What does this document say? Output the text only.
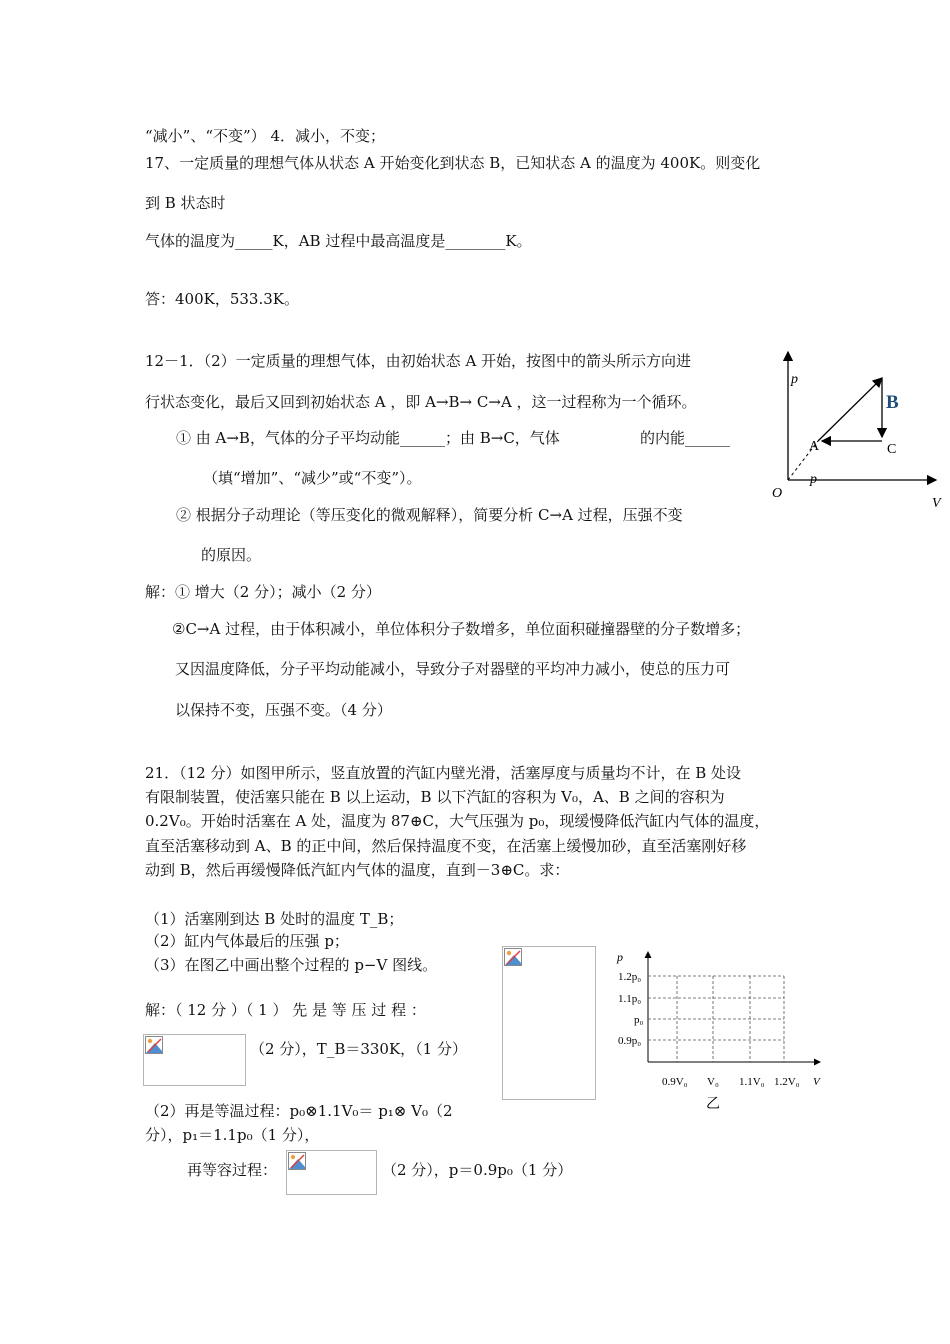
“减小”、“不变”） 4．减小，不变；
17、一定质量的理想气体从状态 A 开始变化到状态 B，已知状态 A 的温度为 400K。则变化
到 B 状态时
气体的温度为_____K，AB 过程中最高温度是________K。
答：400K，533.3K。
12－1．（2）一定质量的理想气体，由初始状态 A 开始，按图中的箭头所示方向进
行状态变化，最后又回到初始状态 A ，即 A→B→ C→A ，这一过程称为一个循环。
① 由 A→B，气体的分子平均动能______；由 B→C，气体	的内能______
（填“增加”、“减少”或“不变”）。
② 根据分子动理论（等压变化的微观解释），简要分析 C→A 过程，压强不变
的原因。
解：① 增大（2 分）；减小（2 分）
②C→A 过程，由于体积减小，单位体积分子数增多，单位面积碰撞器壁的分子数增多；
又因温度降低，分子平均动能减小，导致分子对器壁的平均冲力减小，使总的压力可
以保持不变，压强不变。（4 分）
21．（12 分）如图甲所示，竖直放置的汽缸内壁光滑，活塞厚度与质量均不计，在 B 处设
有限制装置，使活塞只能在 B 以上运动，B 以下汽缸的容积为 V₀，A、B 之间的容积为
0.2V₀。开始时活塞在 A 处，温度为 87⊕C，大气压强为 p₀，现缓慢降低汽缸内气体的温度，
直至活塞移动到 A、B 的正中间，然后保持温度不变，在活塞上缓慢加砂，直至活塞刚好移
动到 B，然后再缓慢降低汽缸内气体的温度，直到－3⊕C。求：
（1）活塞刚到达 B 处时的温度 T_B；
（2）缸内气体最后的压强 p；
（3）在图乙中画出整个过程的 p−V 图线。
解：（ 12 分 ）（ 1 ） 先 是 等 压 过 程 ：
（2 分），T_B＝330K，（1 分）
（2）再是等温过程：p₀⊗1.1V₀＝ p₁⊗ V₀（2
分），p₁＝1.1p₀（1 分），
再等容过程：	（2 分），p＝0.9p₀（1 分）
p
V
O
A
B
C
p
p
1.2p₀
1.1p₀
p₀
0.9p₀
0.9V₀ V₀ 1.1V₀ 1.2V₀ V
乙
